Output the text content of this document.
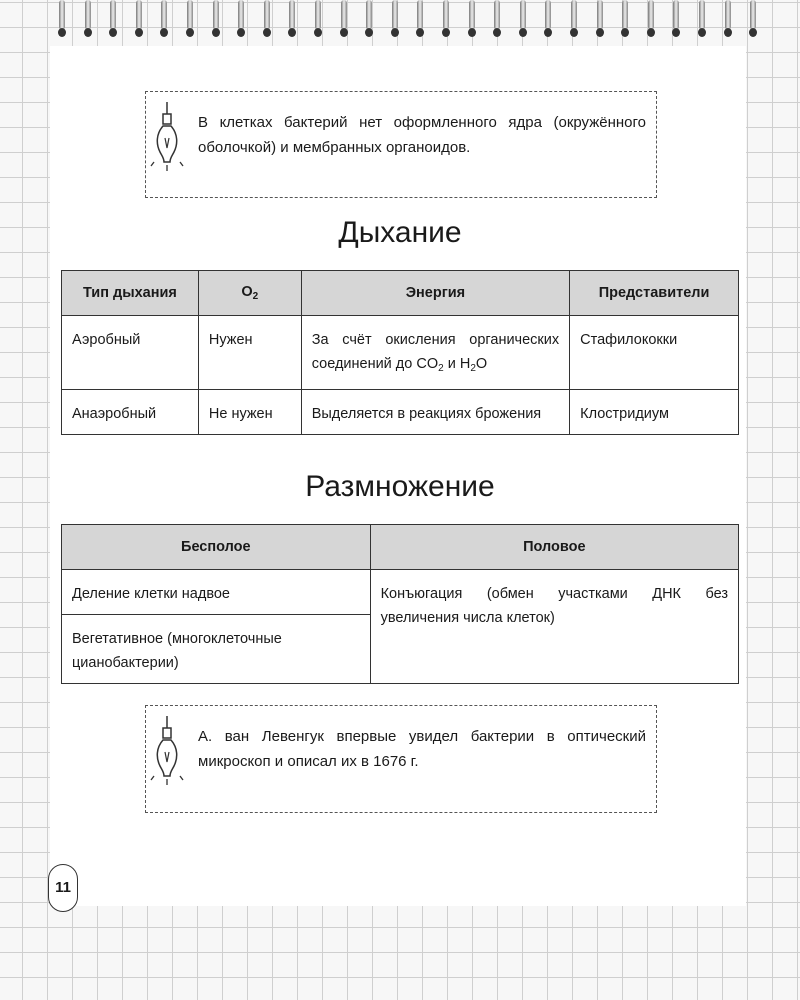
В клетках бактерий нет оформленного ядра (окружённого оболочкой) и мембранных органоидов.
Дыхание
Тип дыхания	$O_2$	Энергия	Представители
Аэробный	Нужен	За счёт окисления органических соединений до $CO_2$ и $H_2O$	Стафилококки
Анаэробный	Не нужен	Выделяется в реакциях брожения	Клостридиум
Размножение
Бесполое	Половое
Деление клетки надвое	Конъюгация (обмен участками ДНК без увеличения числа клеток)
Вегетативное (многоклеточные цианобактерии)	
А. ван Левенгук впервые увидел бактерии в оптический микроскоп и описал их в 1676 г.
11
